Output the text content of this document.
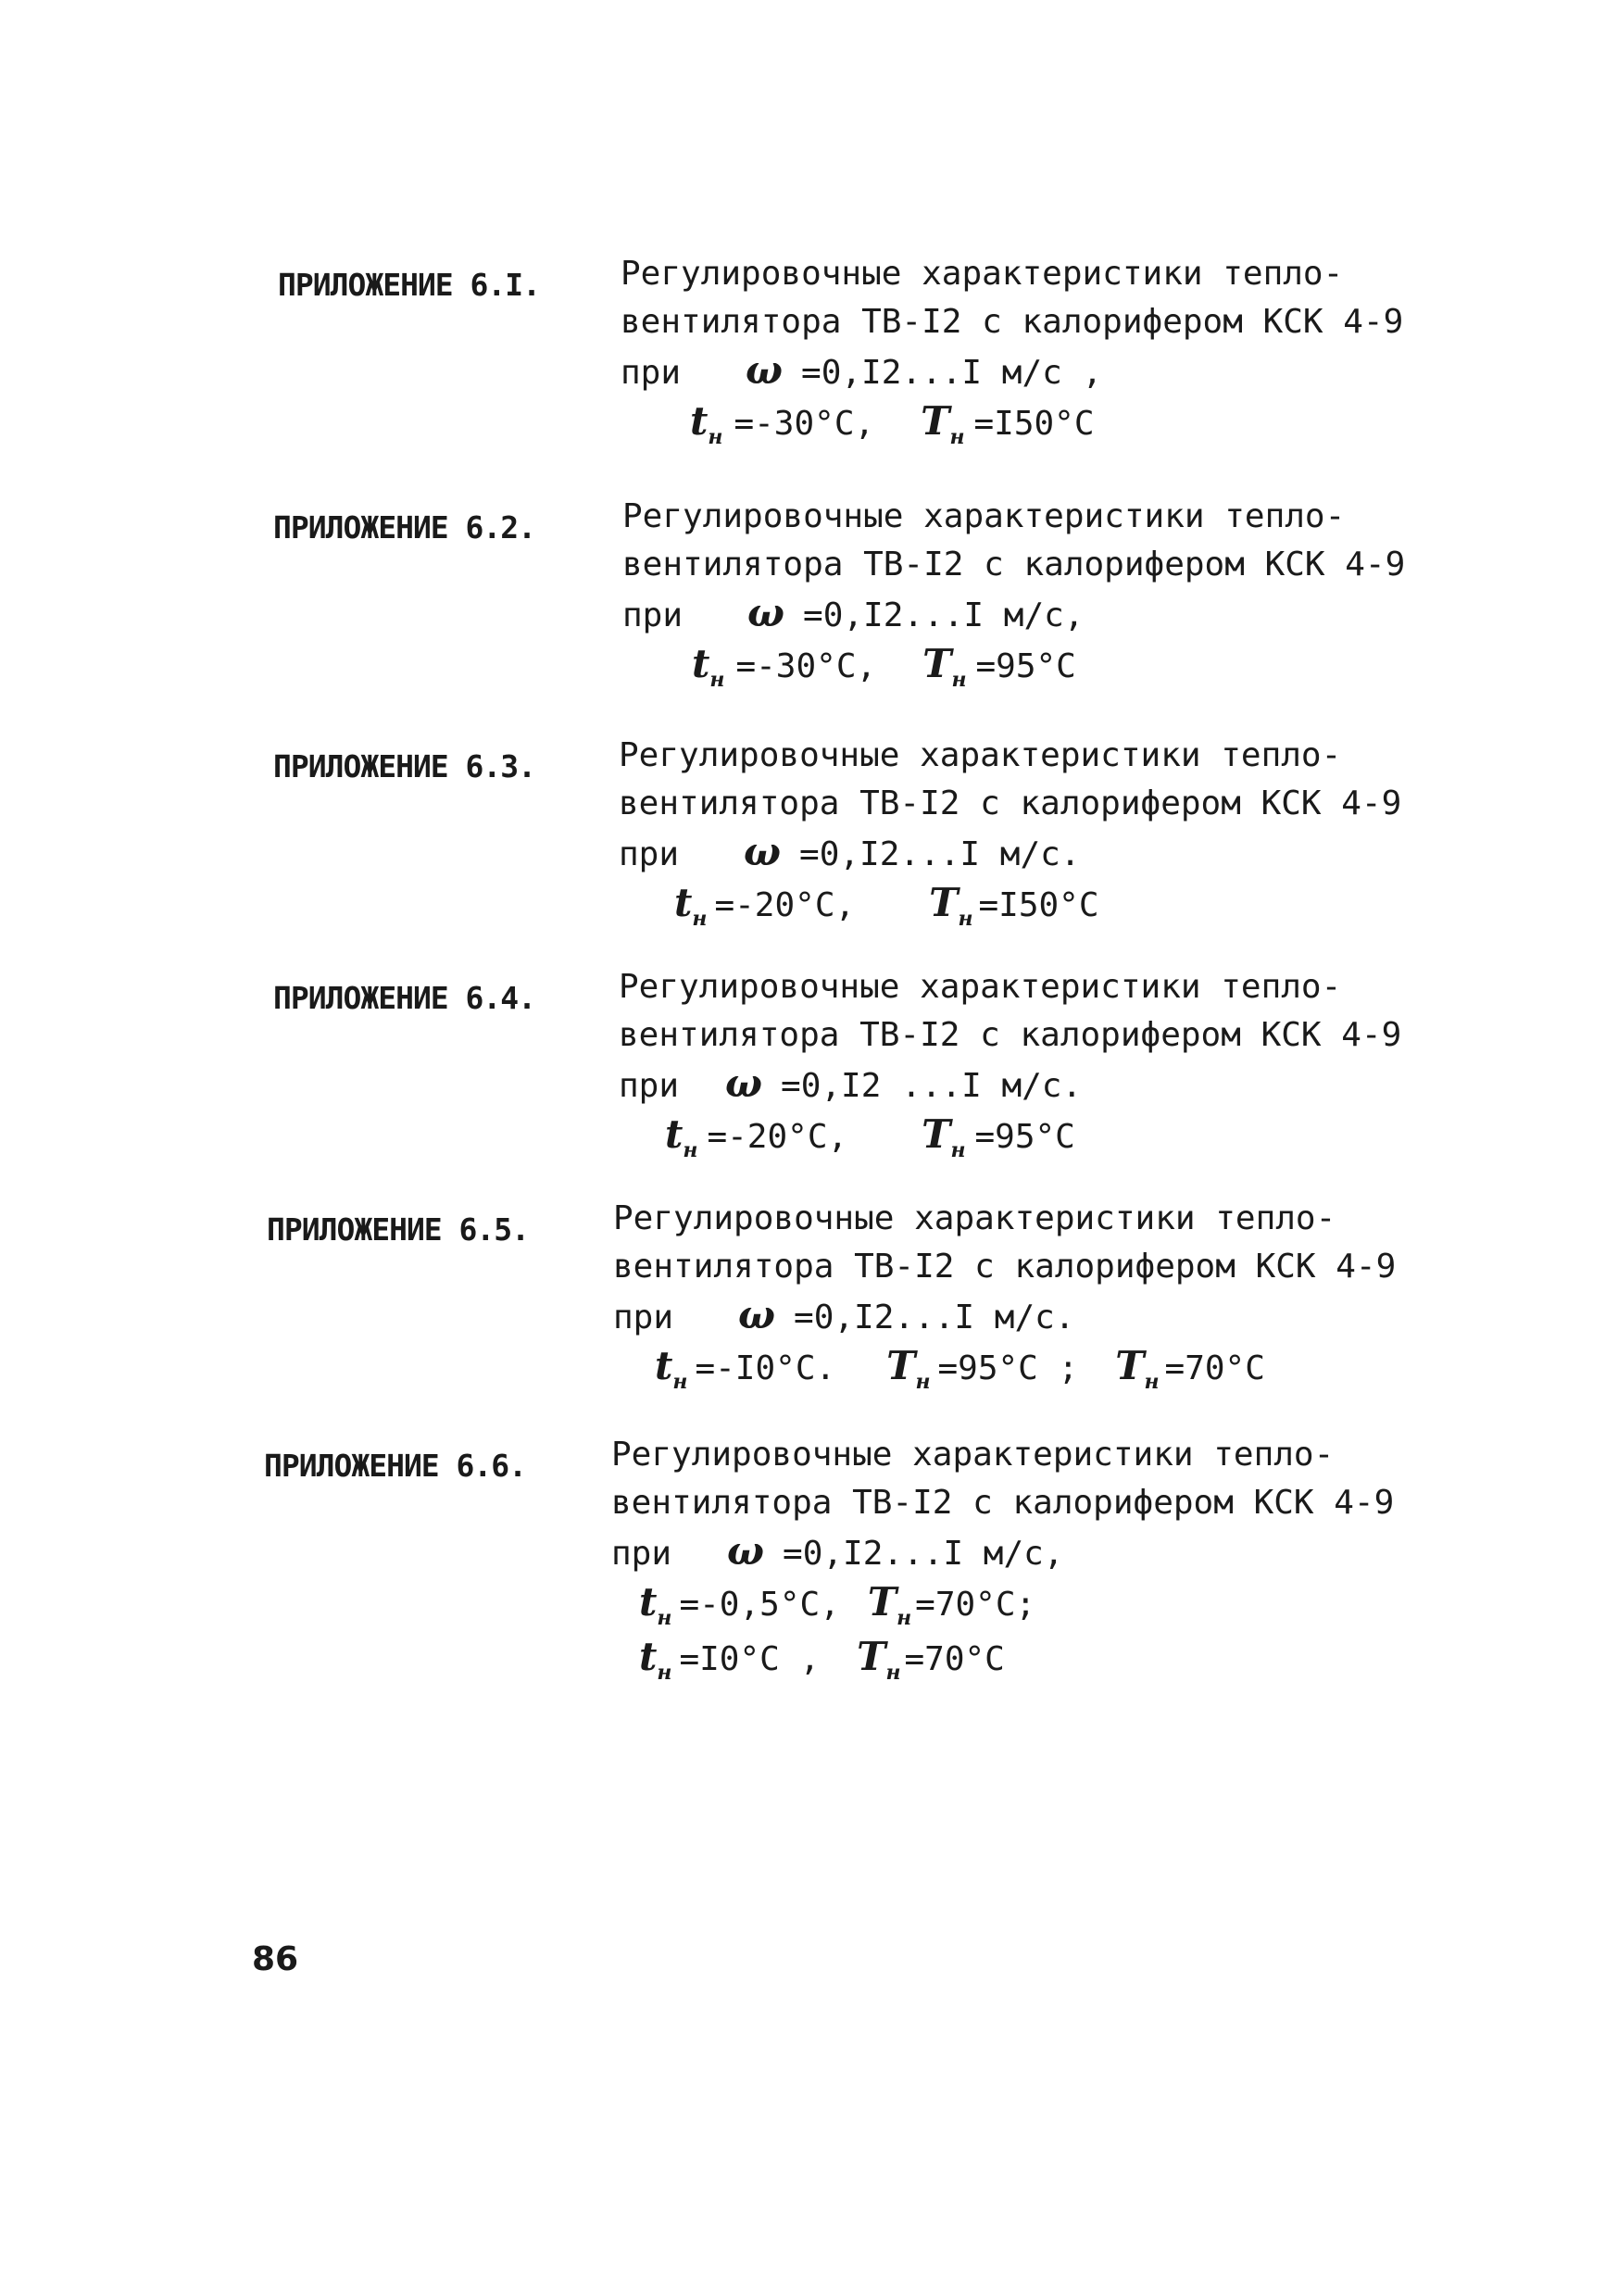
ПРИЛОЖЕНИЕ 6.I.	Регулировочные характеристики тепло-
вентилятора ТВ-I2 с калорифером КСК 4-9
при ω =0,I2...I м/с ,
$t_н =-30^\circ C$, $T_н =I50^\circ C$
ПРИЛОЖЕНИЕ 6.2.	Регулировочные характеристики тепло-
вентилятора ТВ-I2 с калорифером КСК 4-9
при ω =0,I2...I м/с,
$t_н =-30^\circ C$, $T_н =95^\circ C$
ПРИЛОЖЕНИЕ 6.3.	Регулировочные характеристики тепло-
вентилятора ТВ-I2 с калорифером КСК 4-9
при ω =0,I2...I м/с.
$t_н =-20^\circ C$, $T_н =I50^\circ C$
ПРИЛОЖЕНИЕ 6.4.	Регулировочные характеристики тепло-
вентилятора ТВ-I2 с калорифером КСК 4-9
при ω =0,I2 ...I м/с.
$t_н =-20^\circ C$, $T_н =95^\circ C$
ПРИЛОЖЕНИЕ 6.5.	Регулировочные характеристики тепло-
вентилятора ТВ-I2 с калорифером КСК 4-9
при ω =0,I2...I м/с.
$t_н =-I0^\circ C$. $T_н =95^\circ C$ ; $T_н =70^\circ C$
ПРИЛОЖЕНИЕ 6.6.	Регулировочные характеристики тепло-
вентилятора ТВ-I2 с калорифером КСК 4-9
при ω =0,I2...I м/с,
$t_н =-0,5^\circ C$, $T_н =70^\circ C$;
$t_н =I0^\circ C$ , $T_н =70^\circ C$
86
